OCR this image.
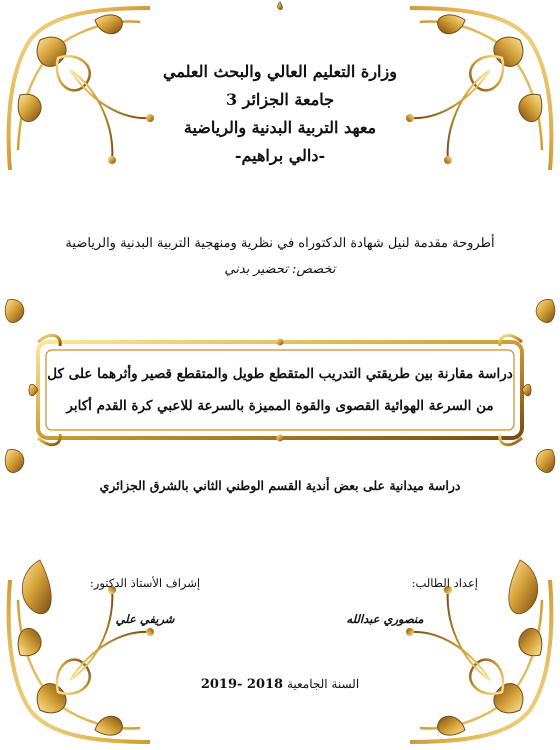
وزارة التعليم العالي والبحث العلمي
جامعة الجزائر 3
معهد التربية البدنية والرياضية
-دالي براهيم-
أطروحة مقدمة لنيل شهادة الدكتوراه في نظرية ومنهجية التربية البدنية والرياضية
تخصص: تحضير بدني
دراسة مقارنة بين طريقتي التدريب المتقطع طويل والمتقطع قصير وأثرهما على كل
من السرعة الهوائية القصوى والقوة المميزة بالسرعة للاعبي كرة القدم أكابر
دراسة ميدانية على بعض أندية القسم الوطني الثاني بالشرق الجزائري
إشراف الأستاذ الدكتور:
شريفي علي
إعداد الطالب:
منصوري عبدالله
السنة الجامعية 2018 -2019
